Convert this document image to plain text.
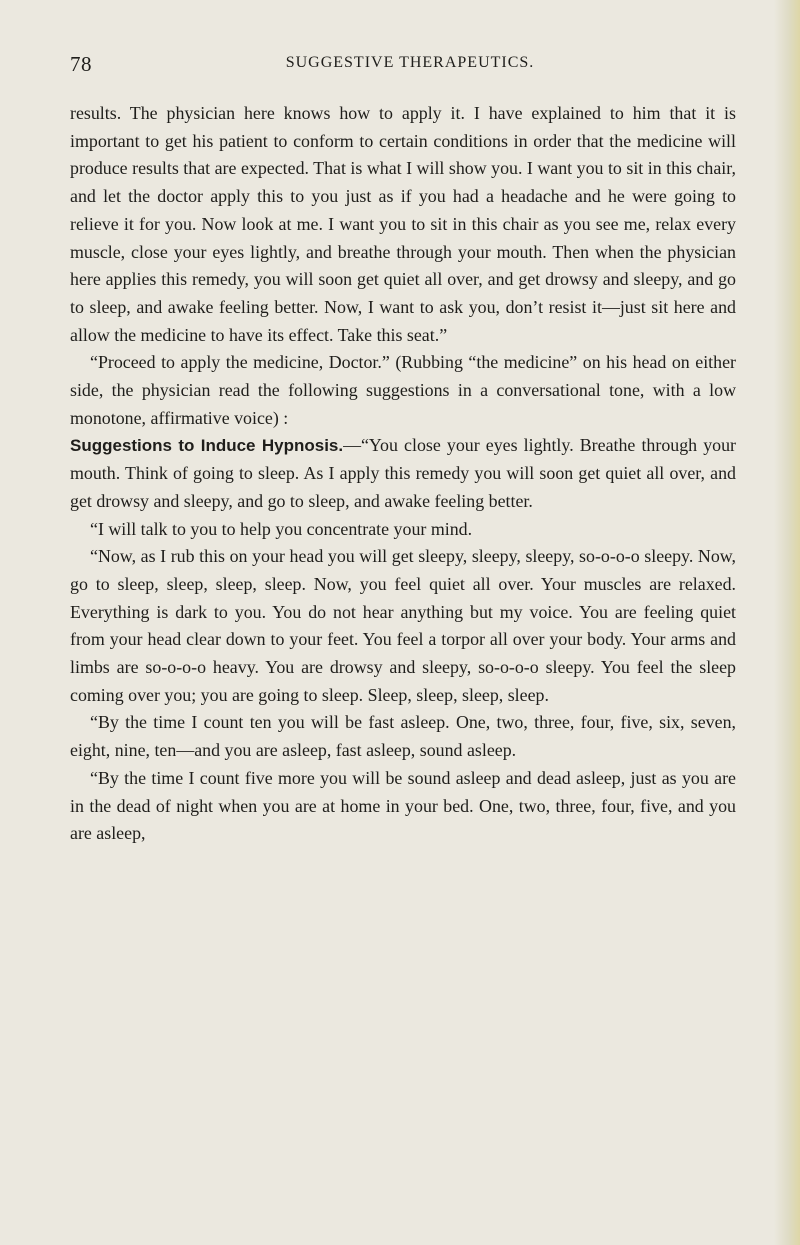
78	SUGGESTIVE THERAPEUTICS.

results. The physician here knows how to apply it. I have explained to him that it is important to get his patient to conform to certain conditions in order that the medicine will produce results that are expected. That is what I will show you. I want you to sit in this chair, and let the doctor apply this to you just as if you had a headache and he were going to relieve it for you. Now look at me. I want you to sit in this chair as you see me, relax every muscle, close your eyes lightly, and breathe through your mouth. Then when the physician here applies this remedy, you will soon get quiet all over, and get drowsy and sleepy, and go to sleep, and awake feeling better. Now, I want to ask you, don’t resist it—just sit here and allow the medicine to have its effect. Take this seat.”

“Proceed to apply the medicine, Doctor.” (Rubbing “the medicine” on his head on either side, the physician read the following suggestions in a conversational tone, with a low monotone, affirmative voice) :

Suggestions to Induce Hypnosis.—“You close your eyes lightly. Breathe through your mouth. Think of going to sleep. As I apply this remedy you will soon get quiet all over, and get drowsy and sleepy, and go to sleep, and awake feeling better.

“I will talk to you to help you concentrate your mind.

“Now, as I rub this on your head you will get sleepy, sleepy, sleepy, so-o-o-o sleepy. Now, go to sleep, sleep, sleep, sleep. Now, you feel quiet all over. Your muscles are relaxed. Everything is dark to you. You do not hear anything but my voice. You are feeling quiet from your head clear down to your feet. You feel a torpor all over your body. Your arms and limbs are so-o-o-o heavy. You are drowsy and sleepy, so-o-o-o sleepy. You feel the sleep coming over you; you are going to sleep. Sleep, sleep, sleep, sleep.

“By the time I count ten you will be fast asleep. One, two, three, four, five, six, seven, eight, nine, ten—and you are asleep, fast asleep, sound asleep.

“By the time I count five more you will be sound asleep and dead asleep, just as you are in the dead of night when you are at home in your bed. One, two, three, four, five, and you are asleep,
